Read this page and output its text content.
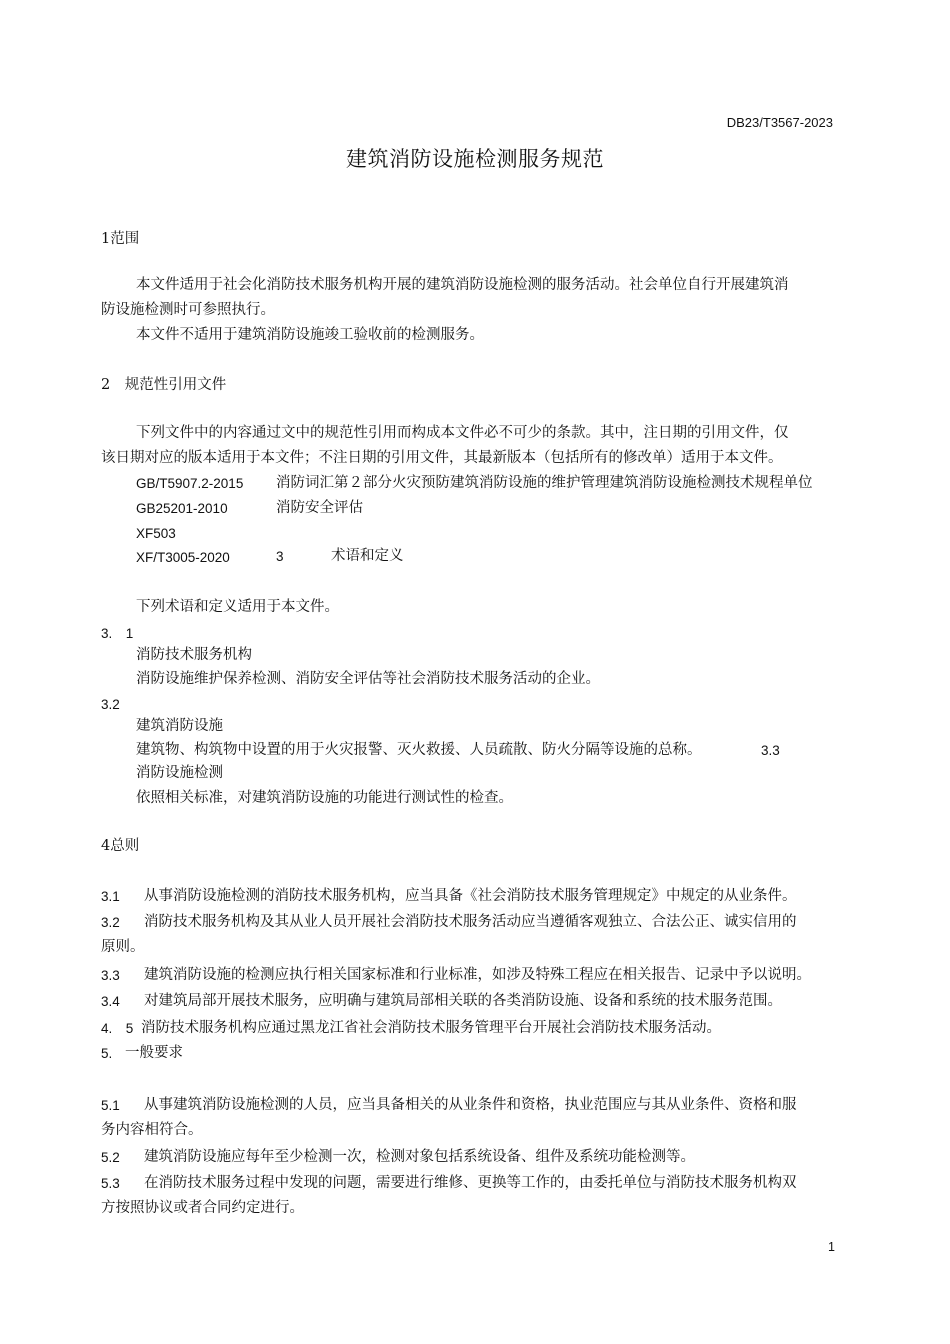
DB23/T3567-2023
建筑消防设施检测服务规范
1范围
本文件适用于社会化消防技术服务机构开展的建筑消防设施检测的服务活动。社会单位自行开展建筑消
防设施检测时可参照执行。
本文件不适用于建筑消防设施竣工验收前的检测服务。
2　规范性引用文件
下列文件中的内容通过文中的规范性引用而构成本文件必不可少的条款。其中，注日期的引用文件，仅
该日期对应的版本适用于本文件；不注日期的引用文件，其最新版本（包括所有的修改单）适用于本文件。
GB/T5907.2-2015 消防词汇第２部分火灾预防建筑消防设施的维护管理建筑消防设施检测技术规程单位
GB25201-2010	消防安全评估
XF503
XF/T3005-2020	3	术语和定义
下列术语和定义适用于本文件。
3.　1
消防技术服务机构
消防设施维护保养检测、消防安全评估等社会消防技术服务活动的企业。
3.2
建筑消防设施
建筑物、构筑物中设置的用于火灾报警、灭火救援、人员疏散、防火分隔等设施的总称。	3.3
消防设施检测
依照相关标准，对建筑消防设施的功能进行测试性的检查。
4总则
3.1 从事消防设施检测的消防技术服务机构，应当具备《社会消防技术服务管理规定》中规定的从业条件。
3.2 消防技术服务机构及其从业人员开展社会消防技术服务活动应当遵循客观独立、合法公正、诚实信用的
原则。
3.3 建筑消防设施的检测应执行相关国家标准和行业标准，如涉及特殊工程应在相关报告、记录中予以说明。
3.4 对建筑局部开展技术服务，应明确与建筑局部相关联的各类消防设施、设备和系统的技术服务范围。
4.　5 消防技术服务机构应通过黑龙江省社会消防技术服务管理平台开展社会消防技术服务活动。
5. 一般要求
5.1 从事建筑消防设施检测的人员，应当具备相关的从业条件和资格，执业范围应与其从业条件、资格和服
务内容相符合。
5.2 建筑消防设施应每年至少检测一次，检测对象包括系统设备、组件及系统功能检测等。
5.3 在消防技术服务过程中发现的问题，需要进行维修、更换等工作的，由委托单位与消防技术服务机构双
方按照协议或者合同约定进行。
1
